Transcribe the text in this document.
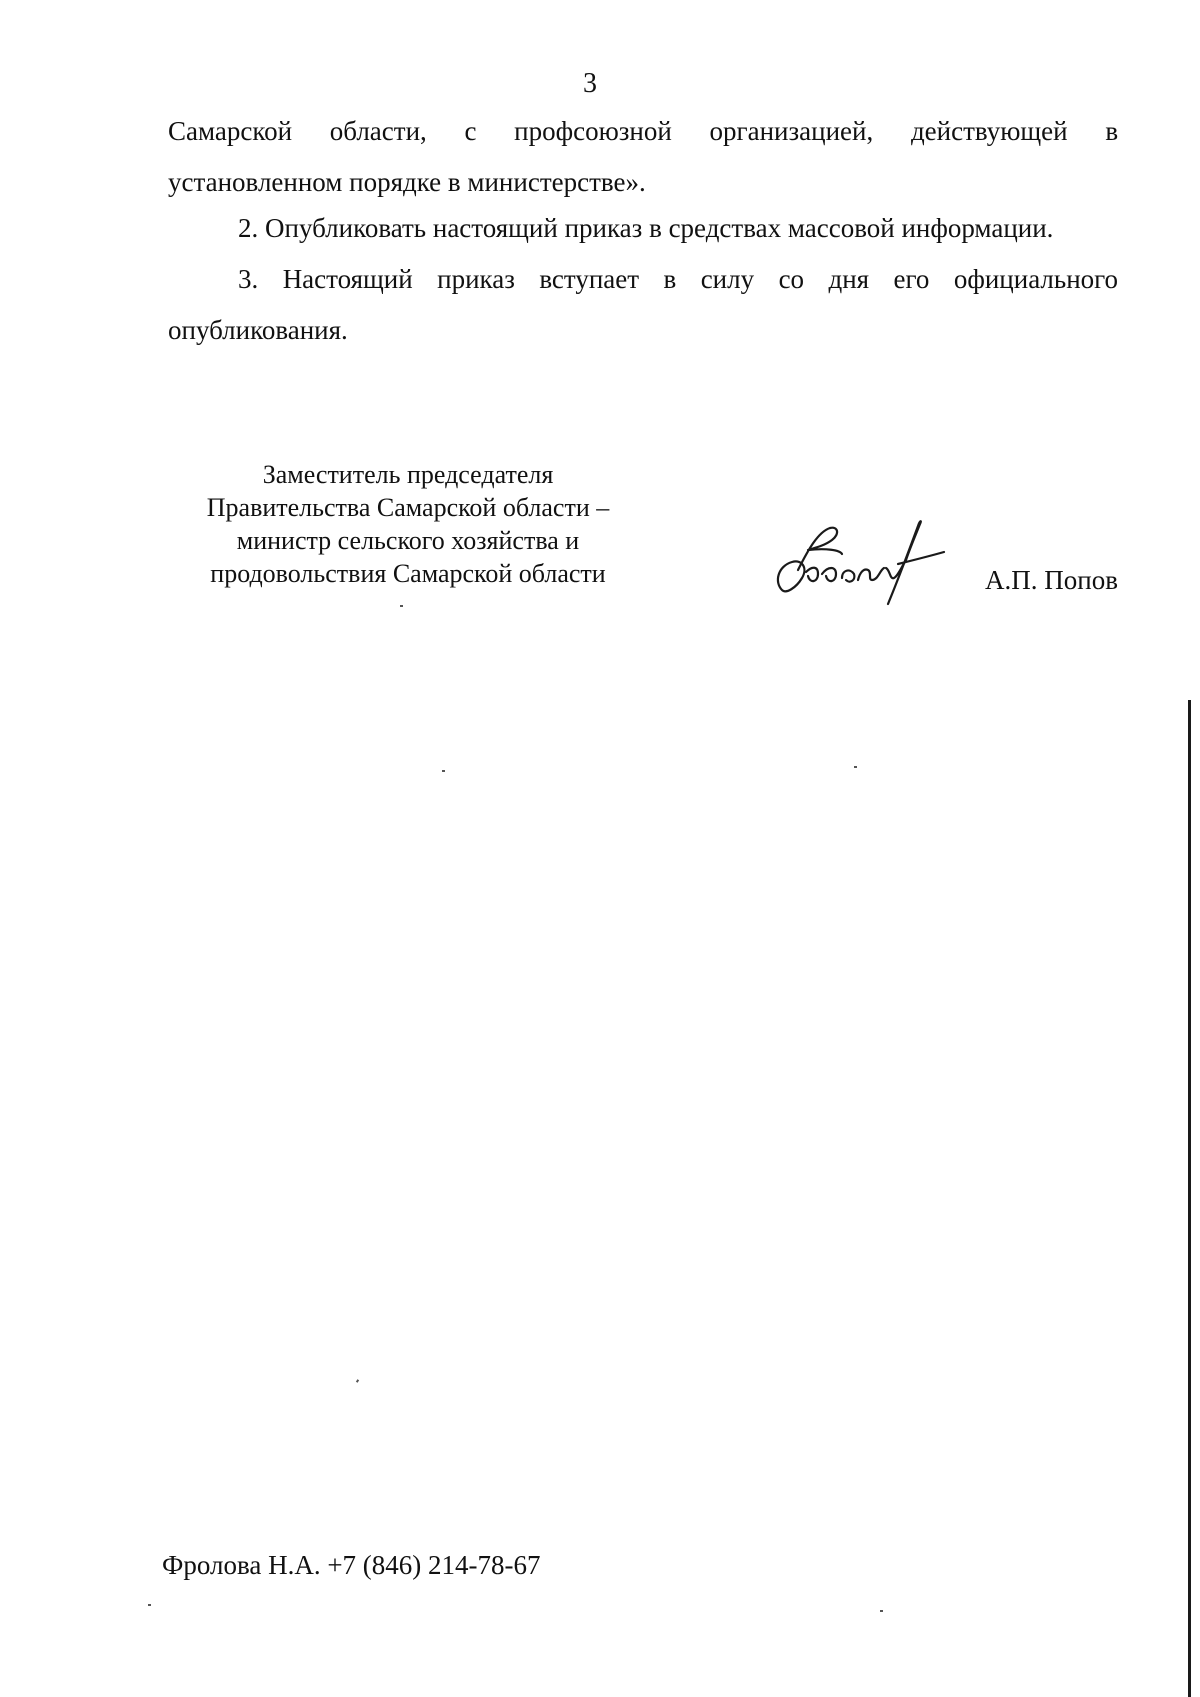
3
Самарской области, с профсоюзной организацией, действующей в
установленном порядке в министерстве».
2. Опубликовать настоящий приказ в средствах массовой информации.
3. Настоящий приказ вступает в силу со дня его официального
опубликования.
Заместитель председателя
Правительства Самарской области –
министр сельского хозяйства и
продовольствия Самарской области	А.П. Попов
Фролова Н.А. +7 (846) 214-78-67
